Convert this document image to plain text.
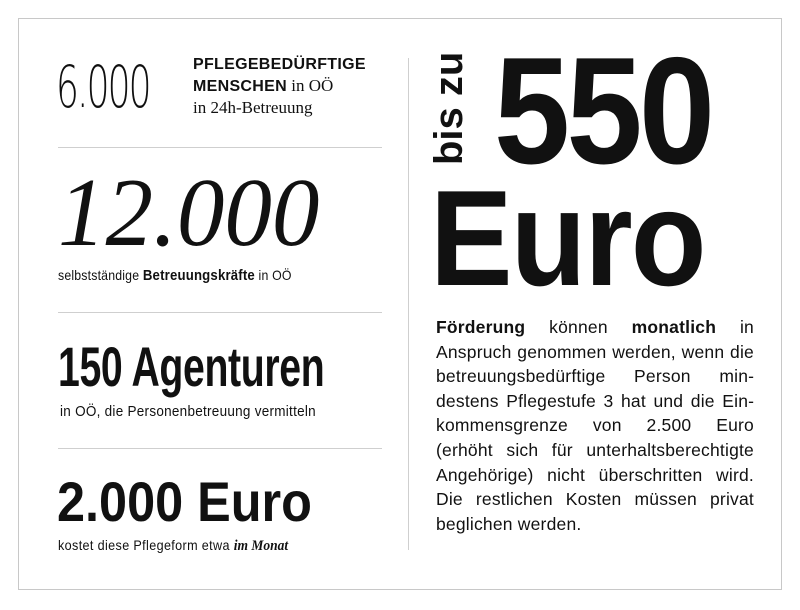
6.000	PFLEGEBEDÜRFTIGE
MENSCHEN in OÖ
in 24h-Betreuung
12.000
selbstständige Betreuungskräfte in OÖ
150 Agenturen
in OÖ, die Personenbetreuung vermitteln
2.000 Euro
kostet diese Pflegeform etwa im Monat
bis zu 550
Euro
Förderung können monatlich in Anspruch genommen werden, wenn die betreuungsbedürftige Person mindestens Pflegestufe 3 hat und die Einkommensgrenze von 2.500 Euro (erhöht sich für unterhaltsberechtigte Angehörige) nicht überschritten wird. Die restlichen Kosten müssen privat beglichen werden.
